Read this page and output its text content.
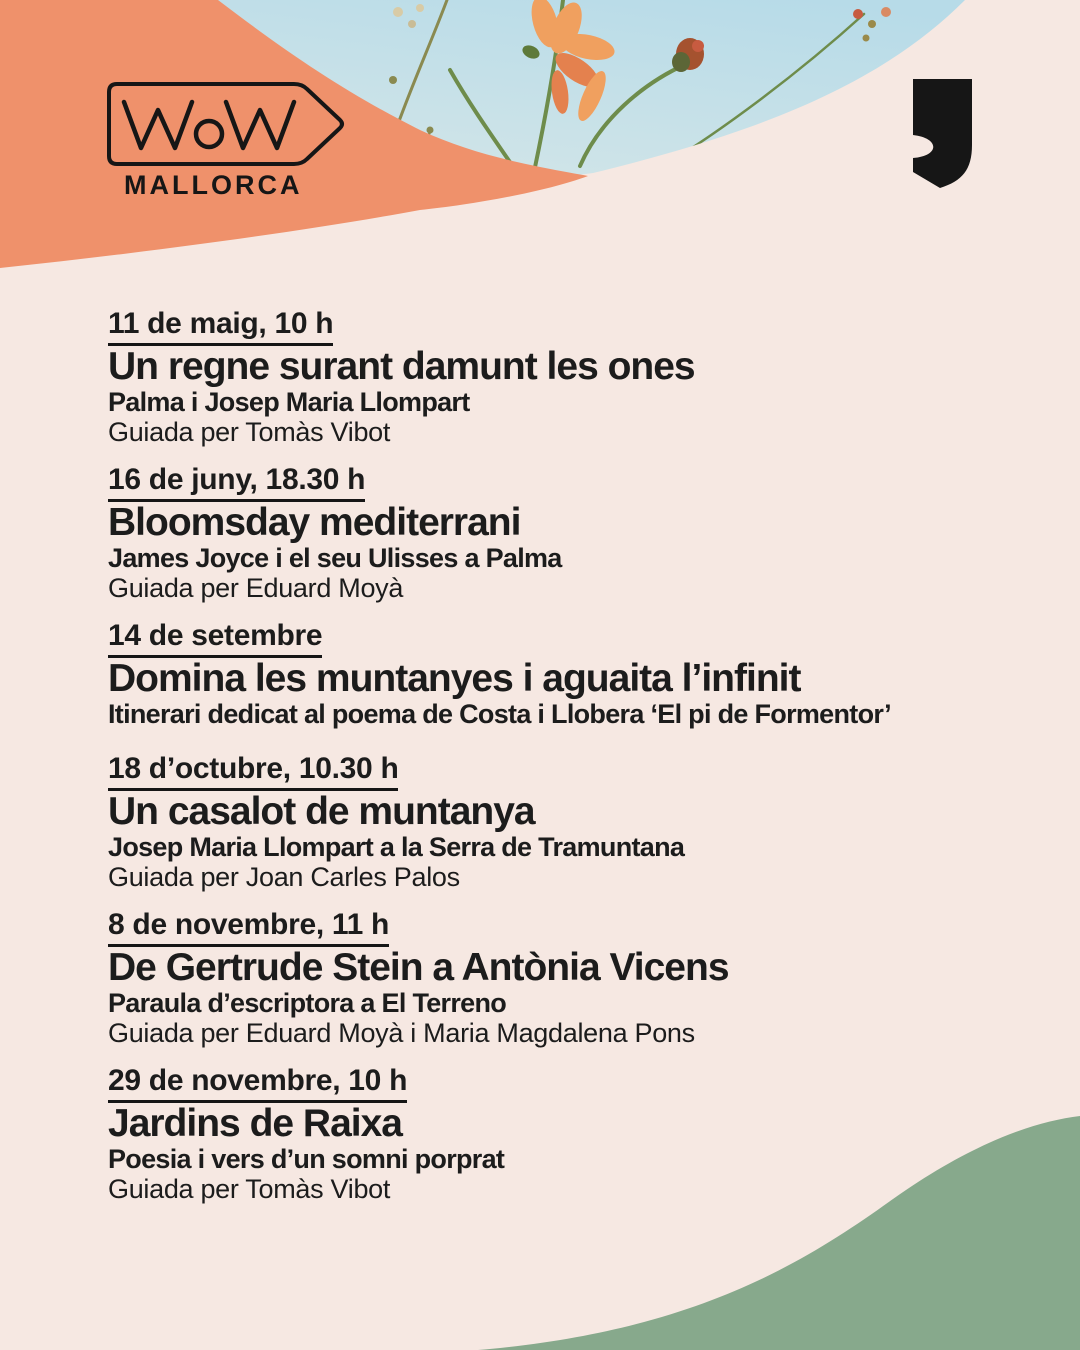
MALLORCA
11 de maig, 10 h
Un regne surant damunt les ones
Palma i Josep Maria Llompart
Guiada per Tomàs Vibot
16 de juny, 18.30 h
Bloomsday mediterrani
James Joyce i el seu Ulisses a Palma
Guiada per Eduard Moyà
14 de setembre
Domina les muntanyes i aguaita l’infinit
Itinerari dedicat al poema de Costa i Llobera ‘El pi de Formentor’
18 d’octubre, 10.30 h
Un casalot de muntanya
Josep Maria Llompart a la Serra de Tramuntana
Guiada per Joan Carles Palos
8 de novembre, 11 h
De Gertrude Stein a Antònia Vicens
Paraula d’escriptora a El Terreno
Guiada per Eduard Moyà i Maria Magdalena Pons
29 de novembre, 10 h
Jardins de Raixa
Poesia i vers d’un somni porprat
Guiada per Tomàs Vibot
